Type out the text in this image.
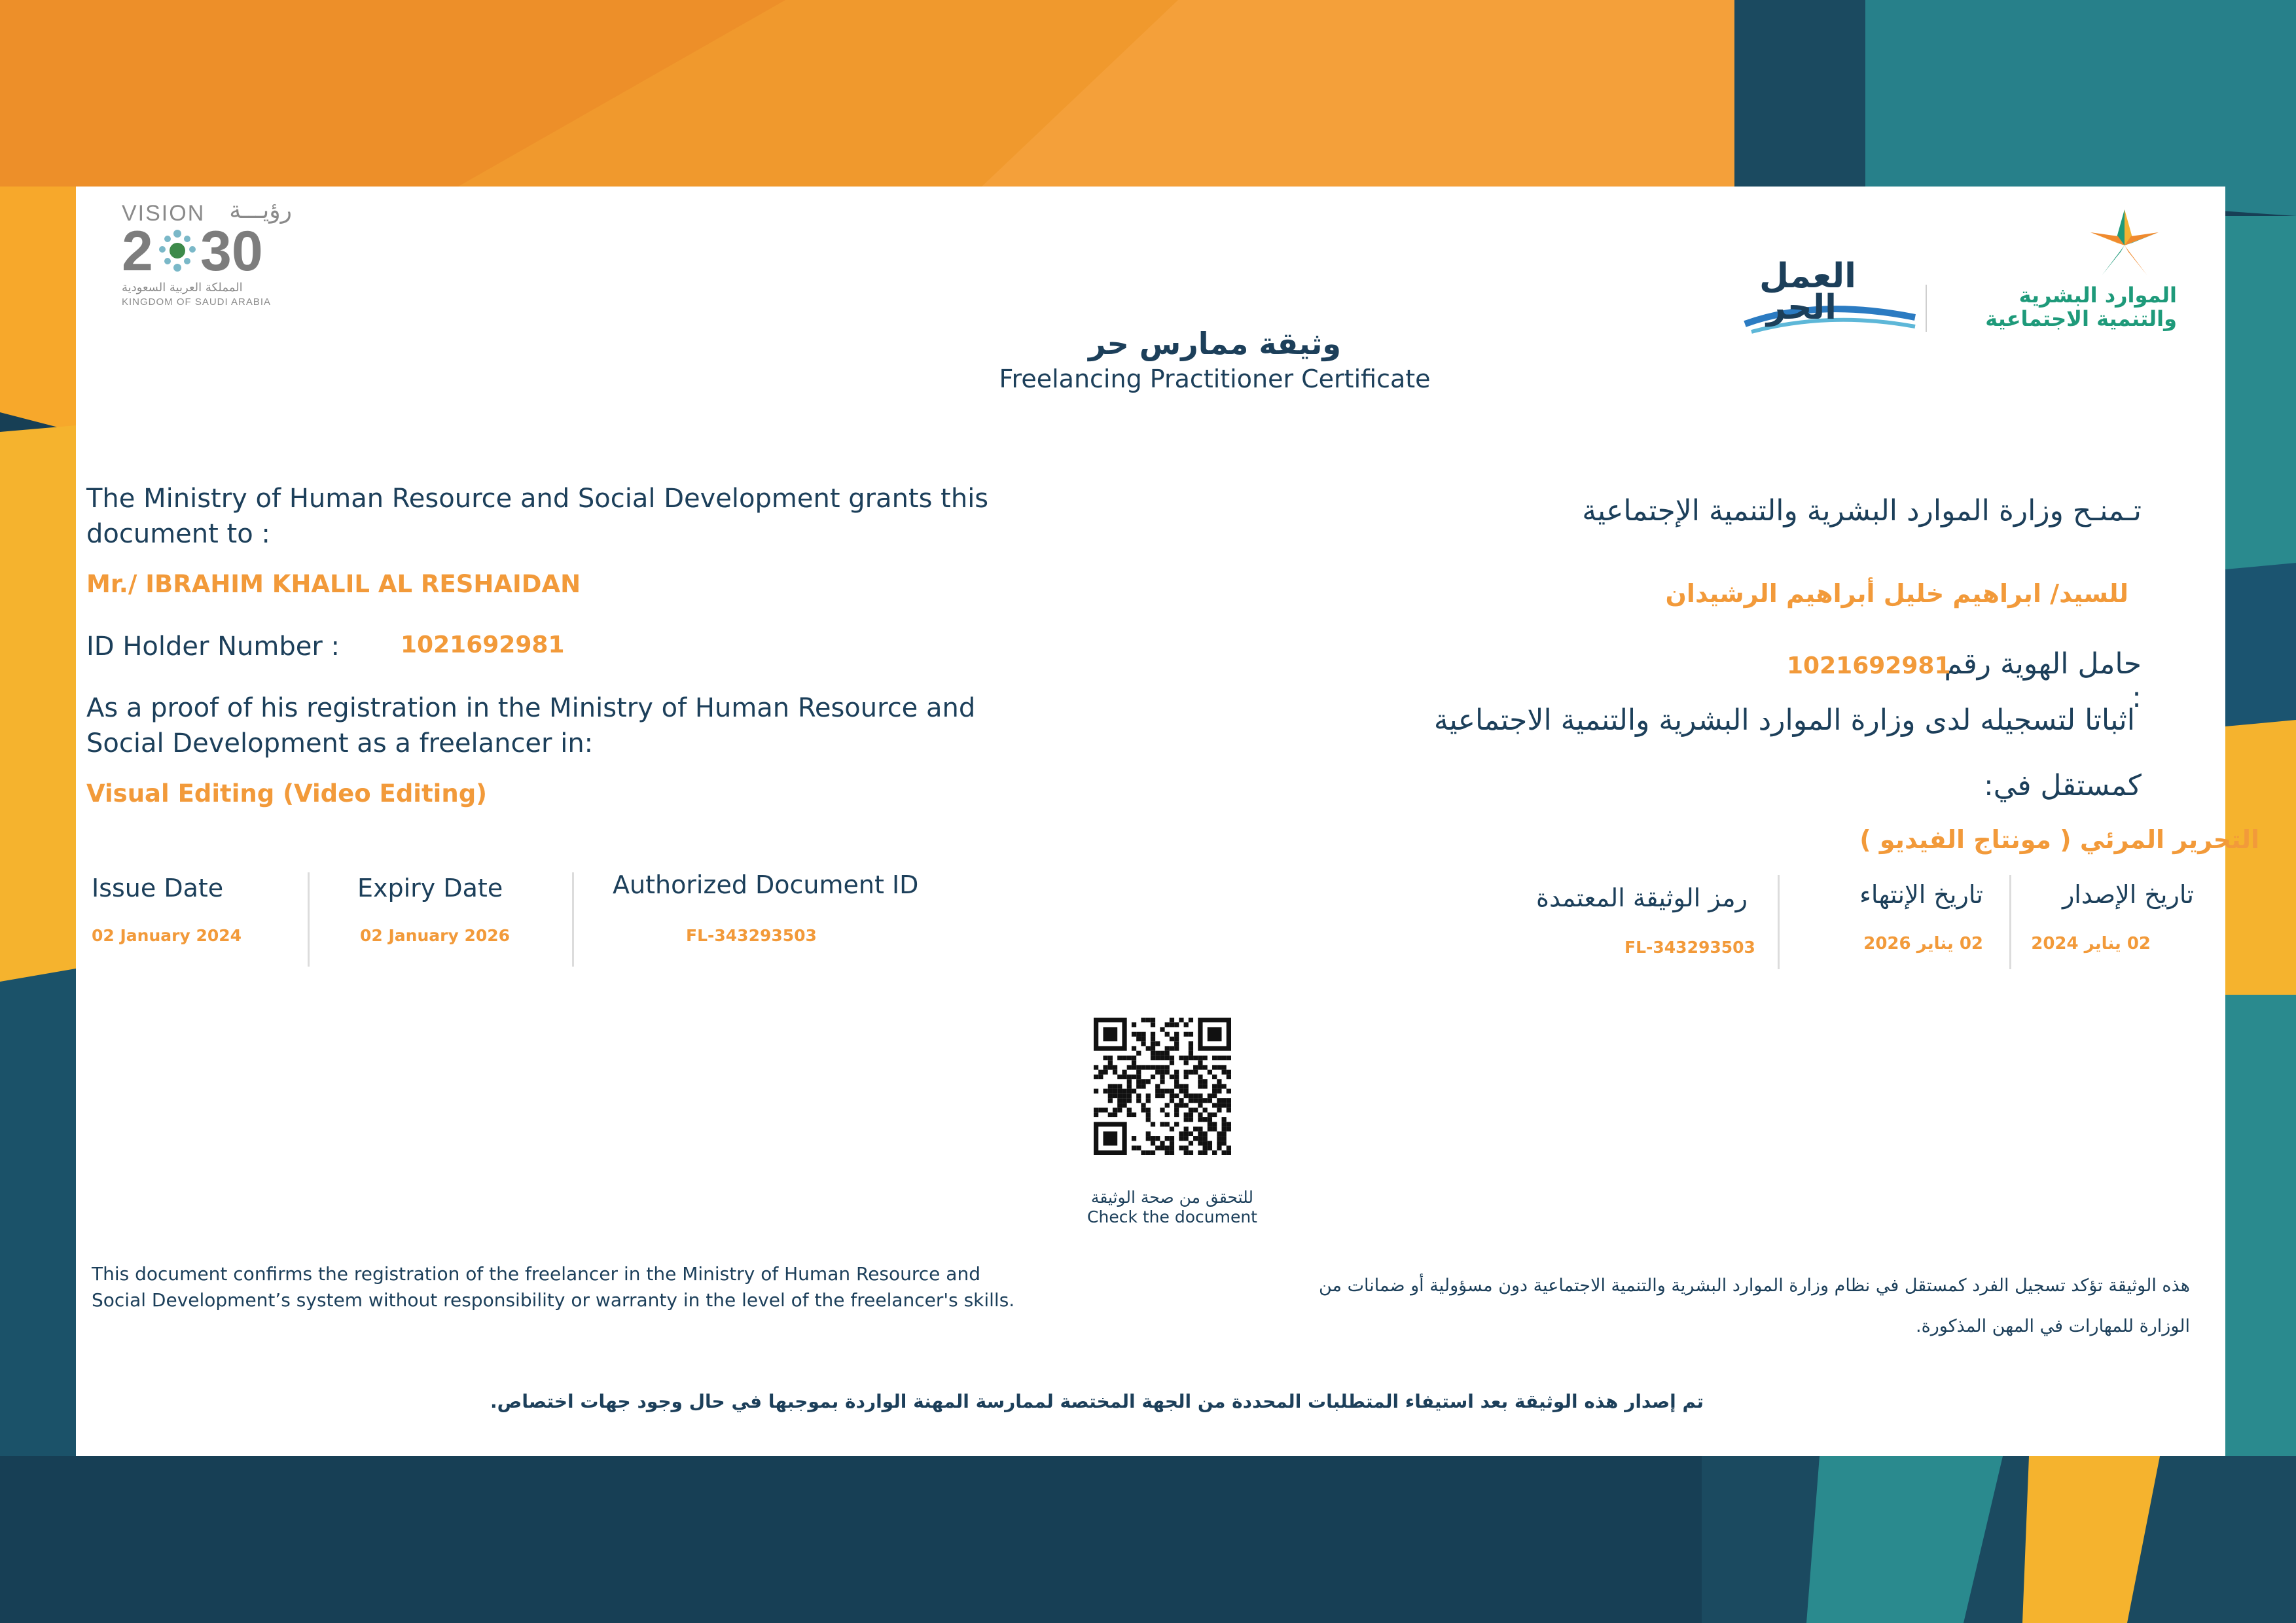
VISION	رؤيـــة
2 30
المملكة العربية السعودية
KINGDOM OF SAUDI ARABIA
وثيقة ممارس حر
Freelancing Practitioner Certificate
العمل
الحر	الموارد البشرية
والتنمية الاجتماعية
The Ministry of Human Resource and Social Development grants this document to :
Mr./ IBRAHIM KHALIL AL RESHAIDAN
ID Holder Number :	1021692981
As a proof of his registration in the Ministry of Human Resource and Social Development as a freelancer in:
Visual Editing (Video Editing)
Issue Date
02 January 2024
Expiry Date
02 January 2026
Authorized Document ID
FL-343293503
تـمنـح وزارة الموارد البشرية والتنمية الإجتماعية
للسيد/ ابراهيم خليل أبراهيم الرشيدان
حامل الهوية رقم :
1021692981
اثباتا لتسجيله لدى وزارة الموارد البشرية والتنمية الاجتماعية
كمستقل في:
التحرير المرئي ( مونتاج الفيديو )
تاريخ الإصدار
02 يناير 2024
تاريخ الإنتهاء
02 يناير 2026
رمز الوثيقة المعتمدة
FL-343293503
للتحقق من صحة الوثيقة
Check the document
This document confirms the registration of the freelancer in the Ministry of Human Resource and Social Development’s system without responsibility or warranty in the level of the freelancer's skills.
هذه الوثيقة تؤكد تسجيل الفرد كمستقل في نظام وزارة الموارد البشرية والتنمية الاجتماعية دون مسؤولية أو ضمانات من
الوزارة للمهارات في المهن المذكورة.
تم إصدار هذه الوثيقة بعد استيفاء المتطلبات المحددة من الجهة المختصة لممارسة المهنة الواردة بموجبها في حال وجود جهات اختصاص.
